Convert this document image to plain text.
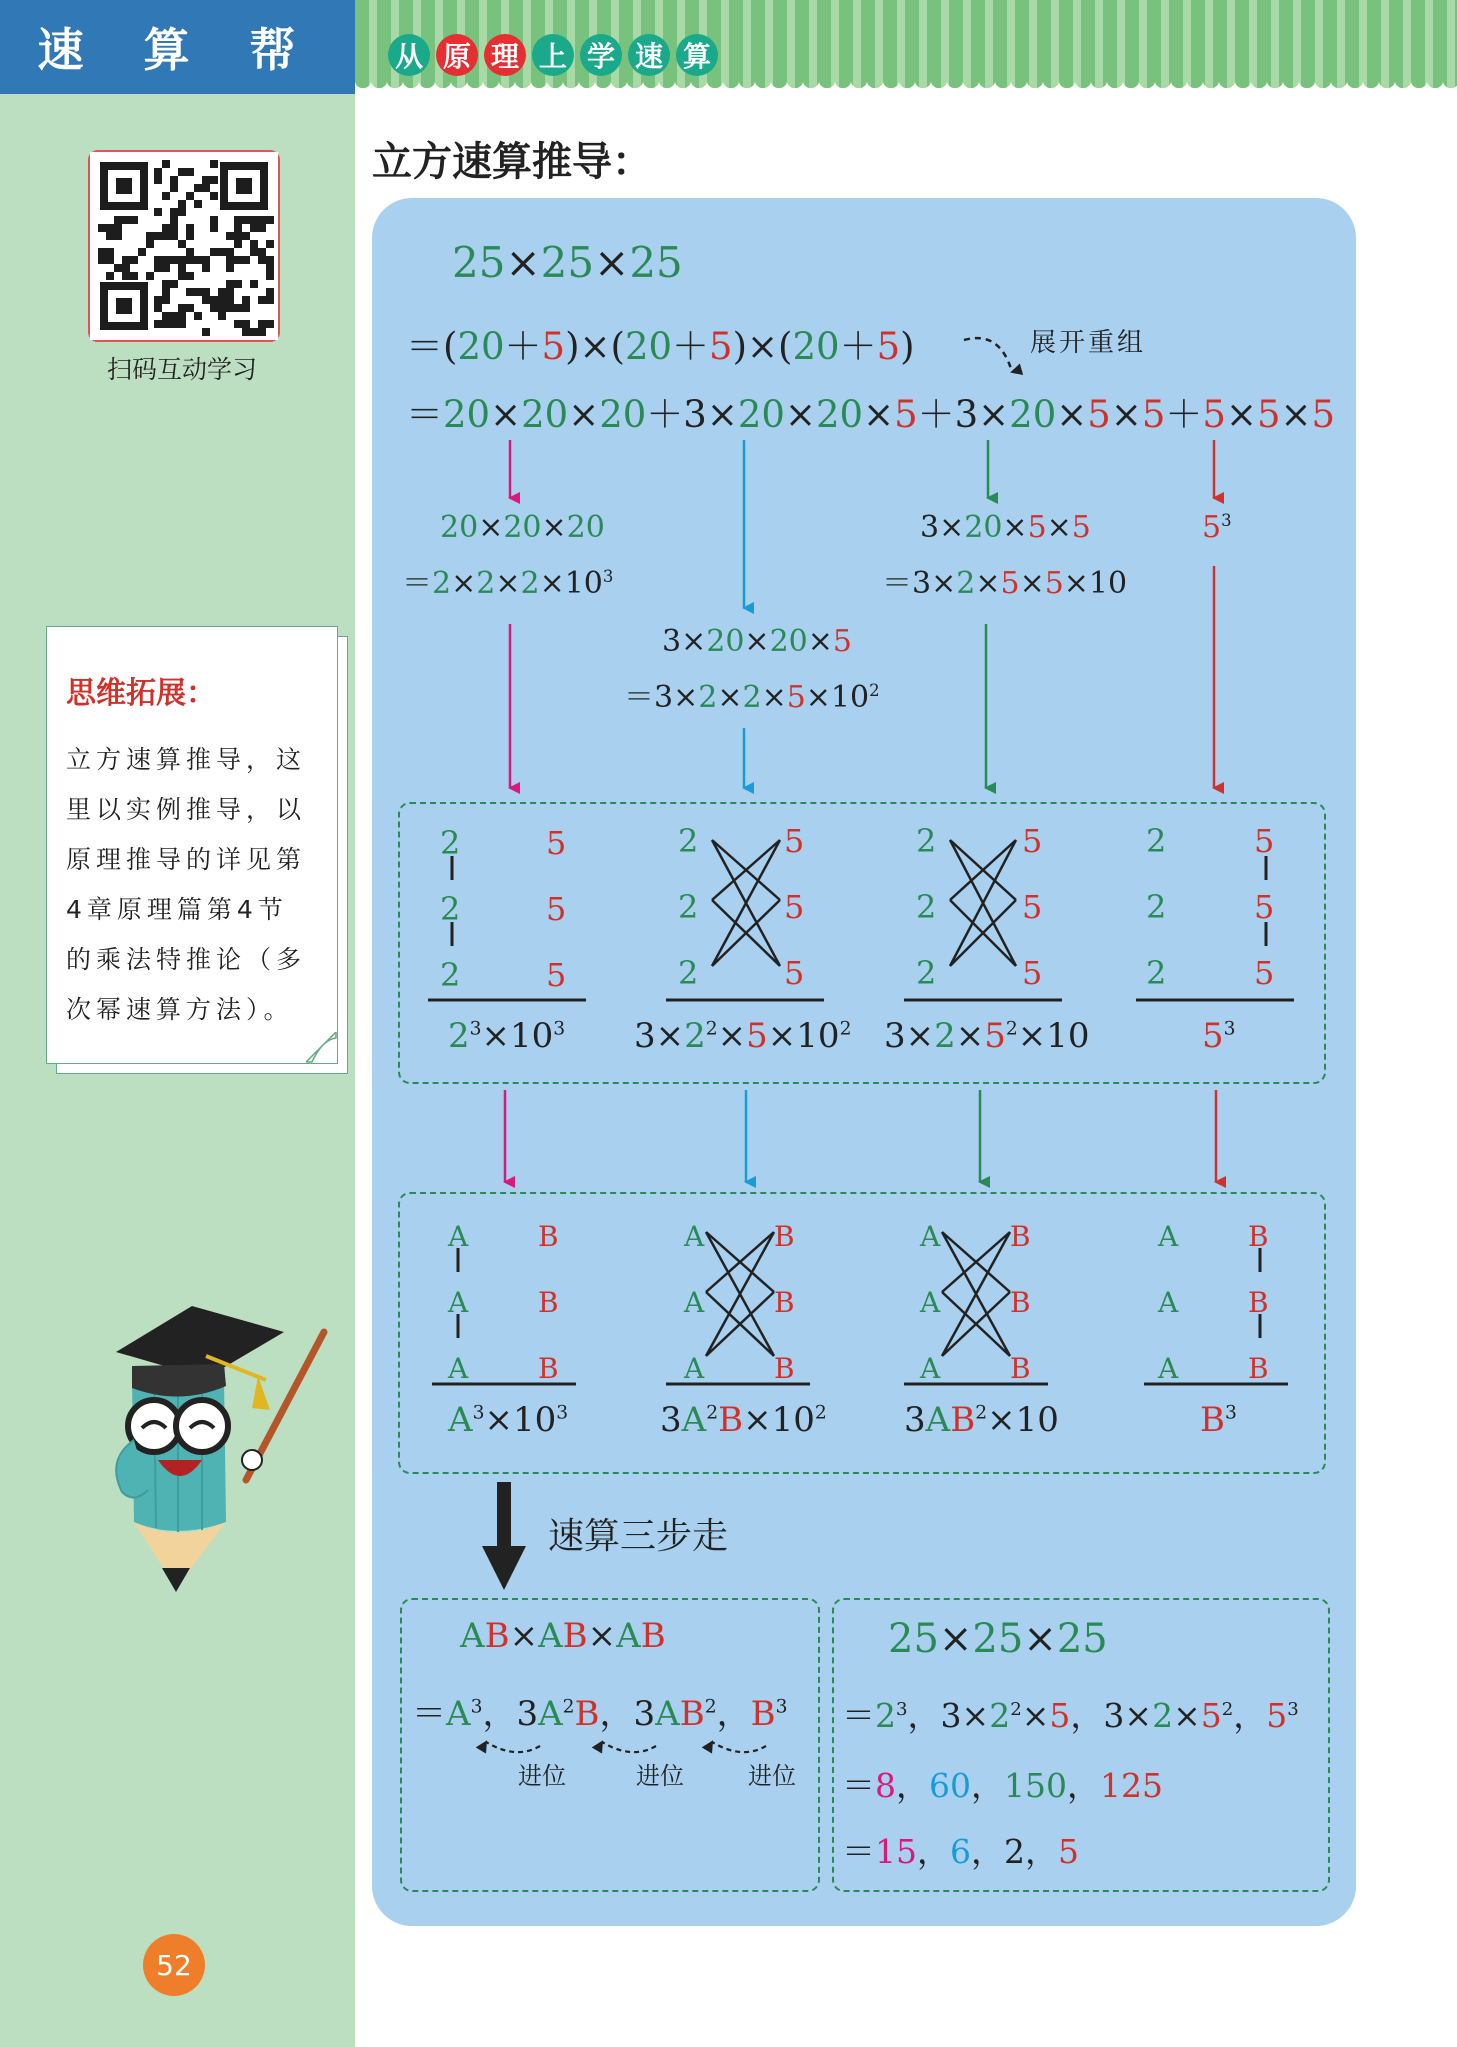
速 算 帮	从 原 理 上 学 速 算
扫码互动学习
思维拓展：
立方速算推导，这
里以实例推导，以
原理推导的详见第
4章原理篇第4节
的乘法特推论（多
次幂速算方法）。
52
立方速算推导：
25×25×25
＝(20＋5)×(20＋5)×(20＋5)	展开重组
＝20×20×20＋3×20×20×5＋3×20×5×5＋5×5×5
20×20×20
$=2\times 2\times 2\times 10^3$
3×20×20×5
$=3\times 2\times 2\times 5\times 10^2$
3×20×5×5
＝3×2×5×5×10
$5^3$
2
2
2
5
5
5
2
2
2
5
5
5
2
2
2
5
5
5
2
2
2
5
5
5
$2^3\times 10^3$ $3\times 2^2\times 5\times 10^2$ $3\times 2\times 5^2\times 10$	$5^3$
A
A
A
B
B
B
A
A
A
B
B
B
A
A
A
B
B
B
A
A
A
B
B
B
$A^3\times 10^3$	$3A^2B\times 10^2$ $3AB^2\times 10$	$B^3$
速算三步走
AB×AB×AB
$=A^3$，$3A^2B$，$3AB^2$，$B^3$
进位	进位	进位
25×25×25
$=2^3$，$3\times 2^2\times 5$，$3\times 2\times 5^2$，$5^3$
＝8，60，150，125
＝15，6，2，5
